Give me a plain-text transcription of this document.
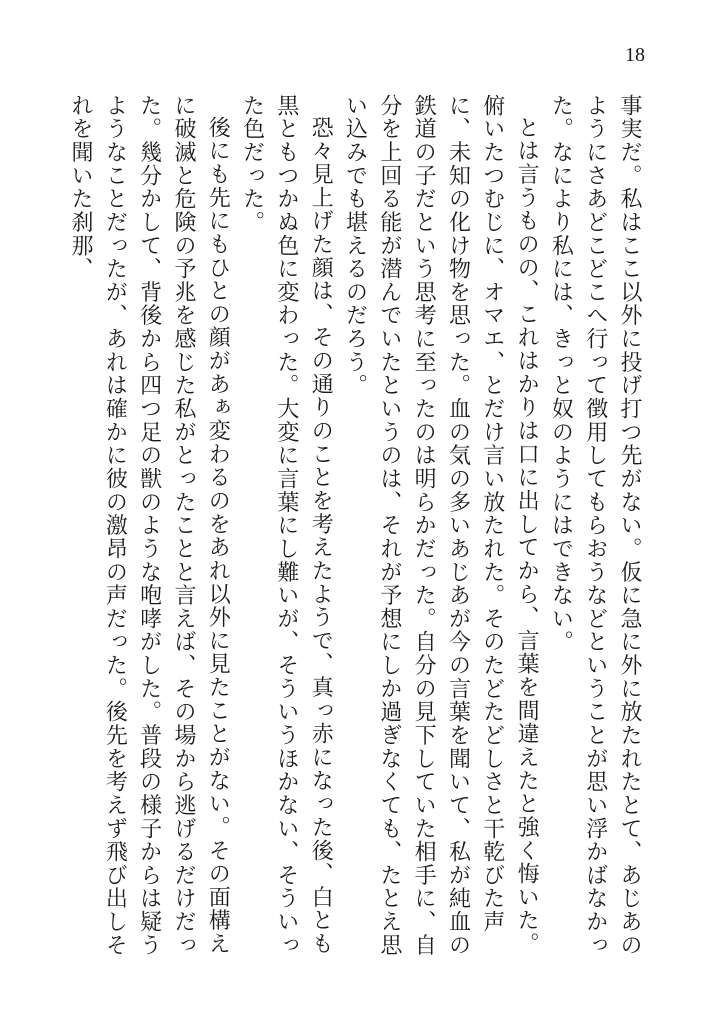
18

事実だ。私はここ以外に投げ打つ先がない。仮に急に外に放たれたとて、あじあのようにさあどこどこへ行って徴用してもらおうなどということが思い浮かばなかった。なにより私には、きっと奴のようにはできない。

とは言うものの、これはかりは口に出してから、言葉を間違えたと強く悔いた。俯いたつむじに、オマエ、とだけ言い放たれた。そのたどたどしさと干乾びた声に、未知の化け物を思った。血の気の多いあじあが今の言葉を聞いて、私が純血の鉄道の子だという思考に至ったのは明らかだった。自分の見下していた相手に、自分を上回る能が潜んでいたというのは、それが予想にしか過ぎなくても、たとえ思い込みでも堪えるのだろう。

恐々見上げた顔は、その通りのことを考えたようで、真っ赤になった後、白とも黒ともつかぬ色に変わった。大変に言葉にし難いが、そういうほかない、そういった色だった。

後にも先にもひとの顔があぁ変わるのをあれ以外に見たことがない。その面構えに破滅と危険の予兆を感じた私がとったことと言えば、その場から逃げるだけだった。幾分かして、背後から四つ足の獣のような咆哮がした。普段の様子からは疑うようなことだったが、あれは確かに彼の激昂の声だった。後先を考えず飛び出しそれを聞いた刹那、
